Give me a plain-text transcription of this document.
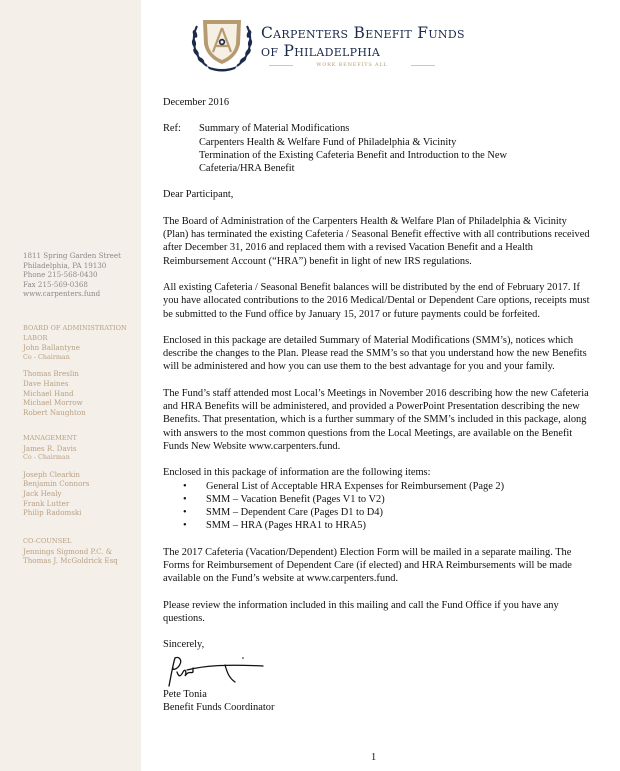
1811 Spring Garden Street
Philadelphia, PA 19130
Phone 215-568-0430
Fax 215-569-0368
www.carpenters.fund
BOARD OF ADMINISTRATION
LABOR
John Ballantyne
Co - Chairman
Thomas Breslin
Dave Haines
Michael Hand
Michael Morrow
Robert Naughton
MANAGEMENT
James R. Davis
Co - Chairman
Joseph Clearkin
Benjamin Connors
Jack Healy
Frank Lutter
Philip Radomski
CO-COUNSEL
Jennings Sigmond P.C. &
Thomas J. McGoldrick Esq
Carpenters Benefit Funds
of Philadelphia
WORK BENEFITS ALL

December 2016

Ref:	Summary of Material Modifications
Carpenters Health & Welfare Fund of Philadelphia & Vicinity
Termination of the Existing Cafeteria Benefit and Introduction to the New
Cafeteria/HRA Benefit

Dear Participant,

The Board of Administration of the Carpenters Health & Welfare Plan of Philadelphia & Vicinity (Plan) has terminated the existing Cafeteria / Seasonal Benefit effective with all contributions received after December 31, 2016 and replaced them with a revised Vacation Benefit and a Health Reimbursement Account (“HRA”) benefit in light of new IRS regulations.

All existing Cafeteria / Seasonal Benefit balances will be distributed by the end of February 2017. If you have allocated contributions to the 2016 Medical/Dental or Dependent Care options, receipts must be submitted to the Fund office by January 15, 2017 or future payments could be forfeited.

Enclosed in this package are detailed Summary of Material Modifications (SMM’s), notices which describe the changes to the Plan. Please read the SMM’s so that you understand how the new Benefits will be administered and how you can use them to the best advantage for you and your family.

The Fund’s staff attended most Local’s Meetings in November 2016 describing how the new Cafeteria and HRA Benefits will be administered, and provided a PowerPoint Presentation describing the new Benefits. That presentation, which is a further summary of the SMM’s included in this package, along with answers to the most common questions from the Local Meetings, are available on the Benefit Funds New Website www.carpenters.fund.

Enclosed in this package of information are the following items:

• General List of Acceptable HRA Expenses for Reimbursement (Page 2)
• SMM – Vacation Benefit (Pages V1 to V2)
• SMM – Dependent Care (Pages D1 to D4)
• SMM – HRA (Pages HRA1 to HRA5)

The 2017 Cafeteria (Vacation/Dependent) Election Form will be mailed in a separate mailing. The Forms for Reimbursement of Dependent Care (if elected) and HRA Reimbursements will be made available on the Fund’s website at www.carpenters.fund.

Please review the information included in this mailing and call the Fund Office if you have any questions.

Sincerely,

Pete Tonia

Benefit Funds Coordinator

1
